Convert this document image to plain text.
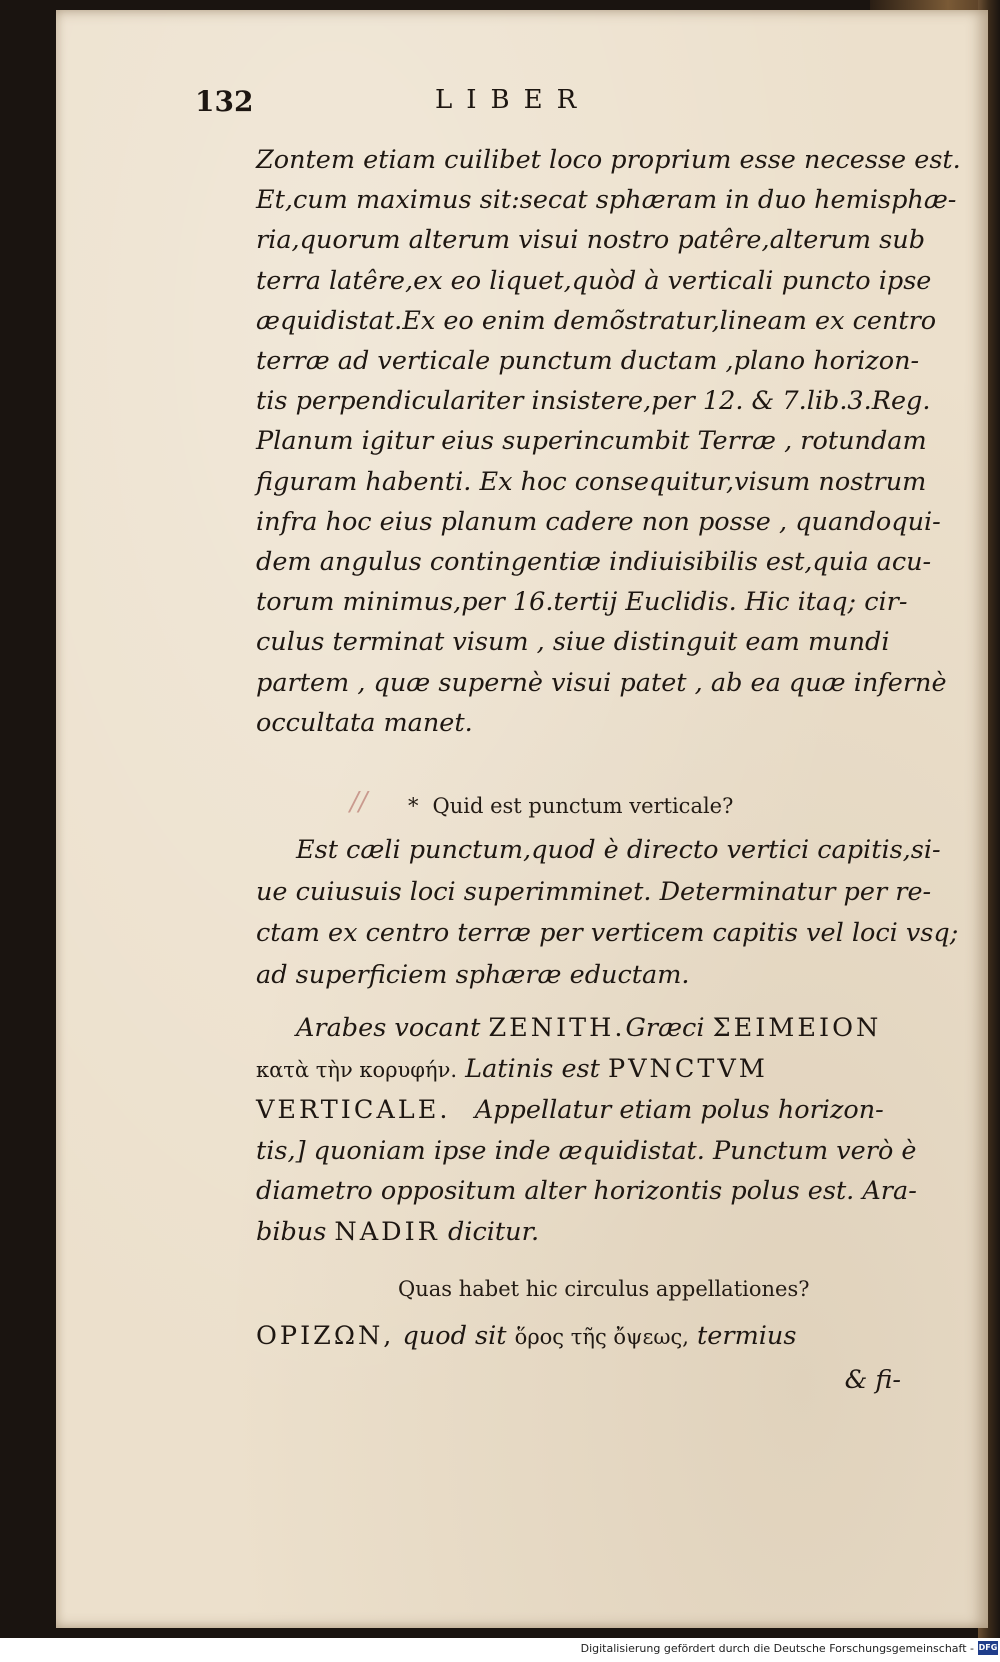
132	LIBER
Zontem etiam cuilibet loco proprium esse necesse est.
Et,cum maximus sit:secat sphæram in duo hemisphæ-
ria,quorum alterum visui nostro patêre,alterum sub
terra latêre,ex eo liquet,quòd à verticali puncto ipse
æquidistat.Ex eo enim demõstratur,lineam ex centro
terræ ad verticale punctum ductam ,plano horizon-
tis perpendiculariter insistere,per 12. & 7.lib.3.Reg.
Planum igitur eius superincumbit Terræ , rotundam
figuram habenti. Ex hoc consequitur,visum nostrum
infra hoc eius planum cadere non posse , quandoqui-
dem angulus contingentiæ indiuisibilis est,quia acu-
torum minimus,per 16.tertij Euclidis. Hic itaq; cir-
culus terminat visum , siue distinguit eam mundi
partem , quæ supernè visui patet , ab ea quæ infernè
occultata manet.
// * Quid est punctum verticale?
Est cæli punctum,quod è directo vertici capitis,si-
ue cuiusuis loci superimminet. Determinatur per re-
ctam ex centro terræ per verticem capitis vel loci vsq;
ad superficiem sphæræ eductam.
Arabes vocant ZENITH.Græci ΣΕΙΜΕΙΟΝ
κατὰ τὴν κορυφήν. Latinis est PVNCTVM
VERTICALE. Appellatur etiam polus horizon-
tis,] quoniam ipse inde æquidistat. Punctum verò è
diametro oppositum alter horizontis polus est. Ara-
bibus NADIR dicitur.
Quas habet hic circulus appellationes?
ΟΡΙΖΩΝ, quod sit ὅρος τῆς ὄψεως, termius
& fi-
Digitalisierung gefördert durch die Deutsche Forschungsgemeinschaft - DFG
